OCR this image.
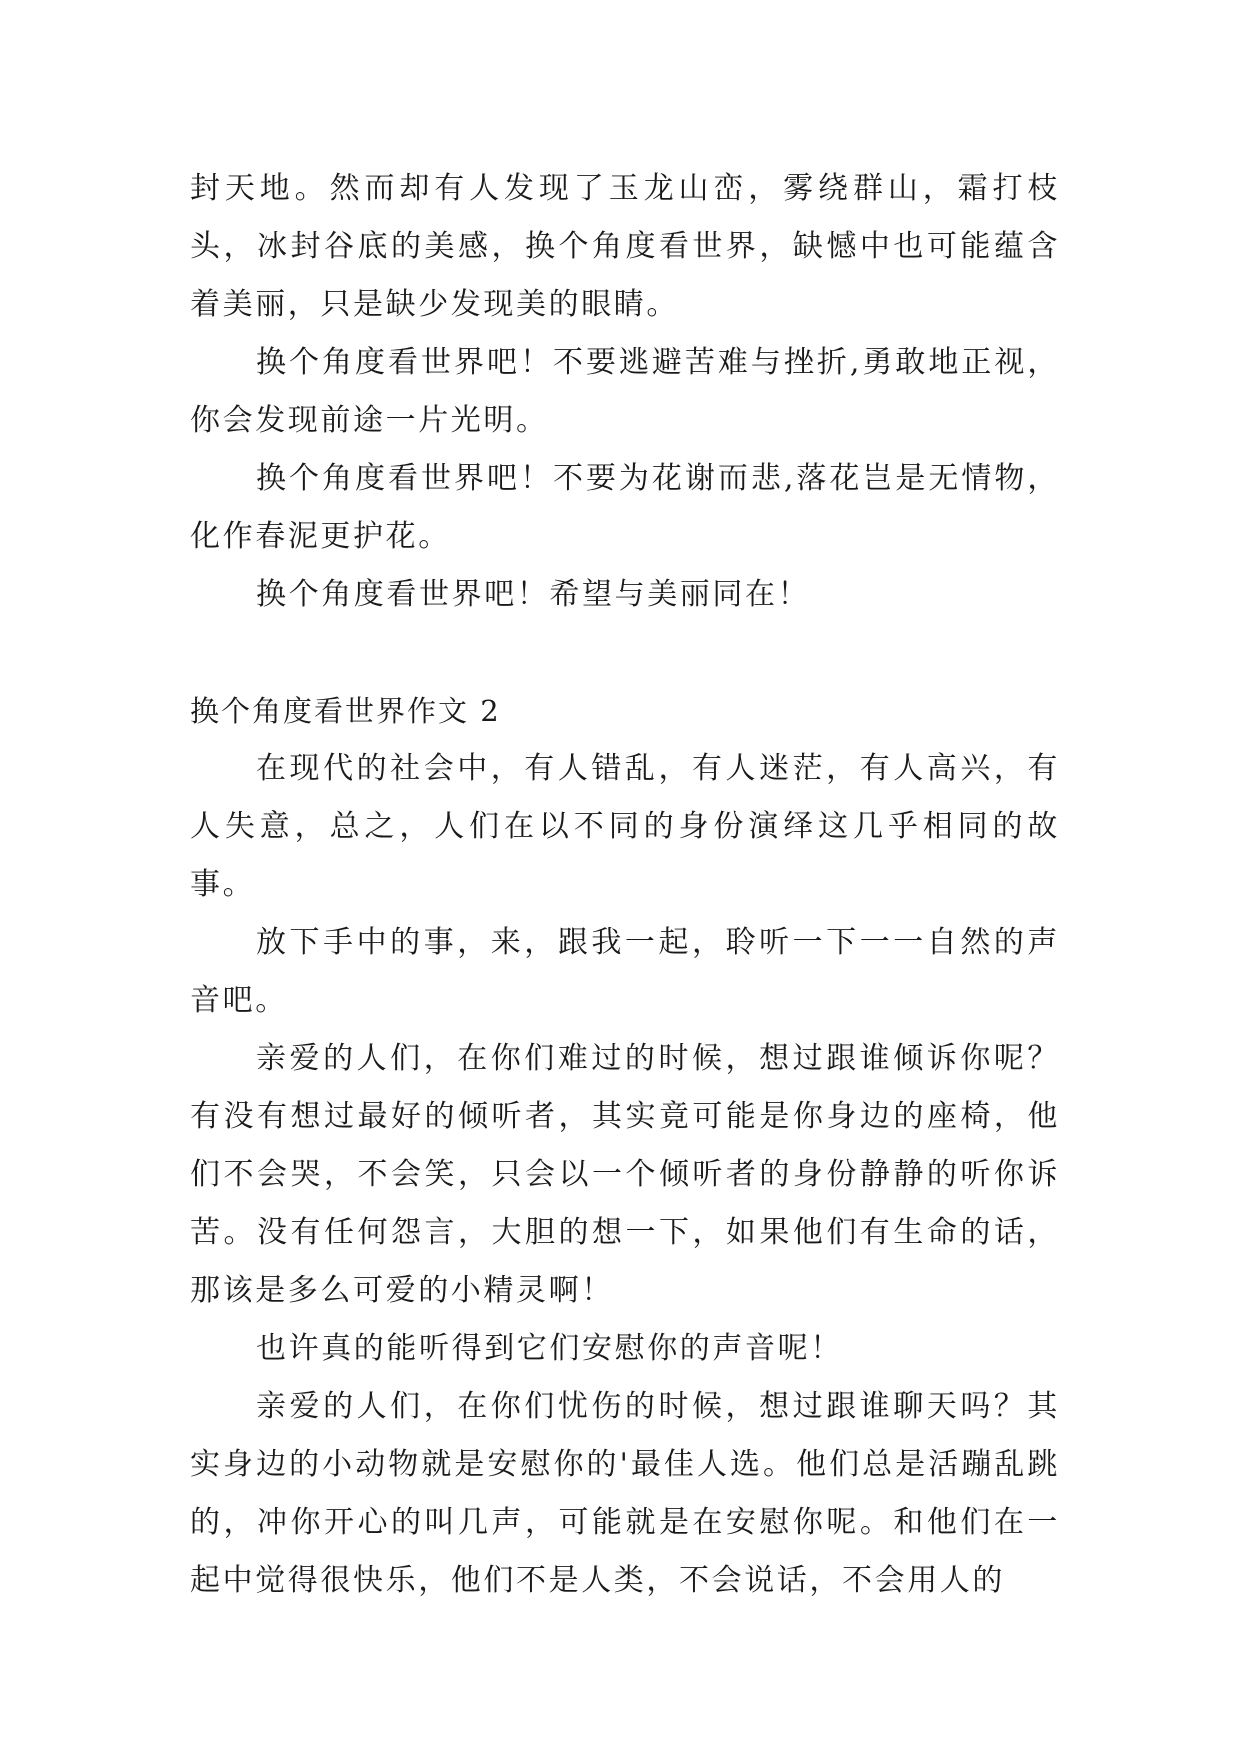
封天地。然而却有人发现了玉龙山峦，雾绕群山，霜打枝头，冰封谷底的美感，换个角度看世界，缺憾中也可能蕴含着美丽，只是缺少发现美的眼睛。

换个角度看世界吧！不要逃避苦难与挫折,勇敢地正视，你会发现前途一片光明。

换个角度看世界吧！不要为花谢而悲,落花岂是无情物，化作春泥更护花。

换个角度看世界吧！希望与美丽同在！

换个角度看世界作文 2

在现代的社会中，有人错乱，有人迷茫，有人高兴，有人失意，总之，人们在以不同的身份演绎这几乎相同的故事。

放下手中的事，来，跟我一起，聆听一下一一自然的声音吧。

亲爱的人们，在你们难过的时候，想过跟谁倾诉你呢？有没有想过最好的倾听者，其实竟可能是你身边的座椅，他们不会哭，不会笑，只会以一个倾听者的身份静静的听你诉苦。没有任何怨言，大胆的想一下，如果他们有生命的话，那该是多么可爱的小精灵啊！

也许真的能听得到它们安慰你的声音呢！

亲爱的人们，在你们忧伤的时候，想过跟谁聊天吗？其实身边的小动物就是安慰你的'最佳人选。他们总是活蹦乱跳的，冲你开心的叫几声，可能就是在安慰你呢。和他们在一起中觉得很快乐，他们不是人类，不会说话，不会用人的
